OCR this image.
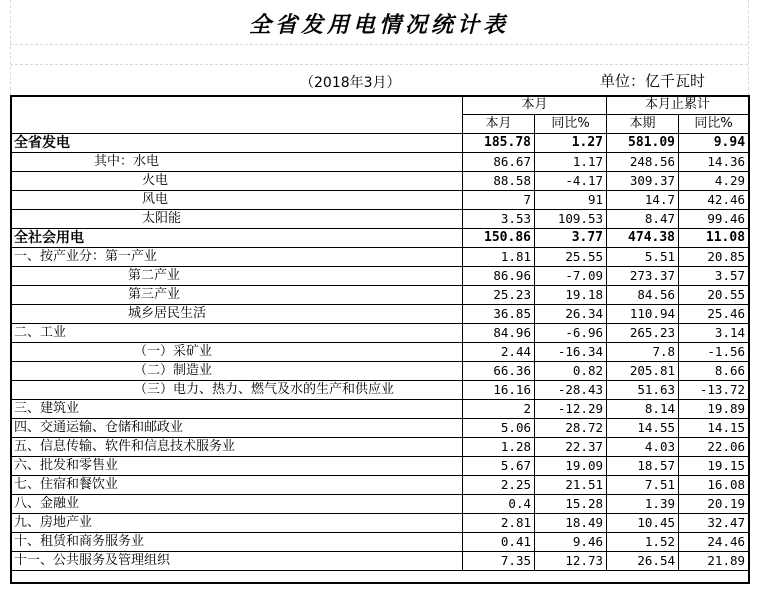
全省发用电情况统计表
（2018年3月）	单位：亿千瓦时
	本月		本月止累计	
	本月	同比%	本期	同比%
全省发电	185.78	1.27	581.09	9.94
其中：水电	86.67	1.17	248.56	14.36
火电	88.58	-4.17	309.37	4.29
风电	7	91	14.7	42.46
太阳能	3.53	109.53	8.47	99.46
全社会用电	150.86	3.77	474.38	11.08
一、按产业分：第一产业	1.81	25.55	5.51	20.85
第二产业	86.96	-7.09	273.37	3.57
第三产业	25.23	19.18	84.56	20.55
城乡居民生活	36.85	26.34	110.94	25.46
二、工业	84.96	-6.96	265.23	3.14
（一）采矿业	2.44	-16.34	7.8	-1.56
（二）制造业	66.36	0.82	205.81	8.66
（三）电力、热力、燃气及水的生产和供应业	16.16	-28.43	51.63	-13.72
三、建筑业	2	-12.29	8.14	19.89
四、交通运输、仓储和邮政业	5.06	28.72	14.55	14.15
五、信息传输、软件和信息技术服务业	1.28	22.37	4.03	22.06
六、批发和零售业	5.67	19.09	18.57	19.15
七、住宿和餐饮业	2.25	21.51	7.51	16.08
八、金融业	0.4	15.28	1.39	20.19
九、房地产业	2.81	18.49	10.45	32.47
十、租赁和商务服务业	0.41	9.46	1.52	24.46
十一、公共服务及管理组织	7.35	12.73	26.54	21.89
